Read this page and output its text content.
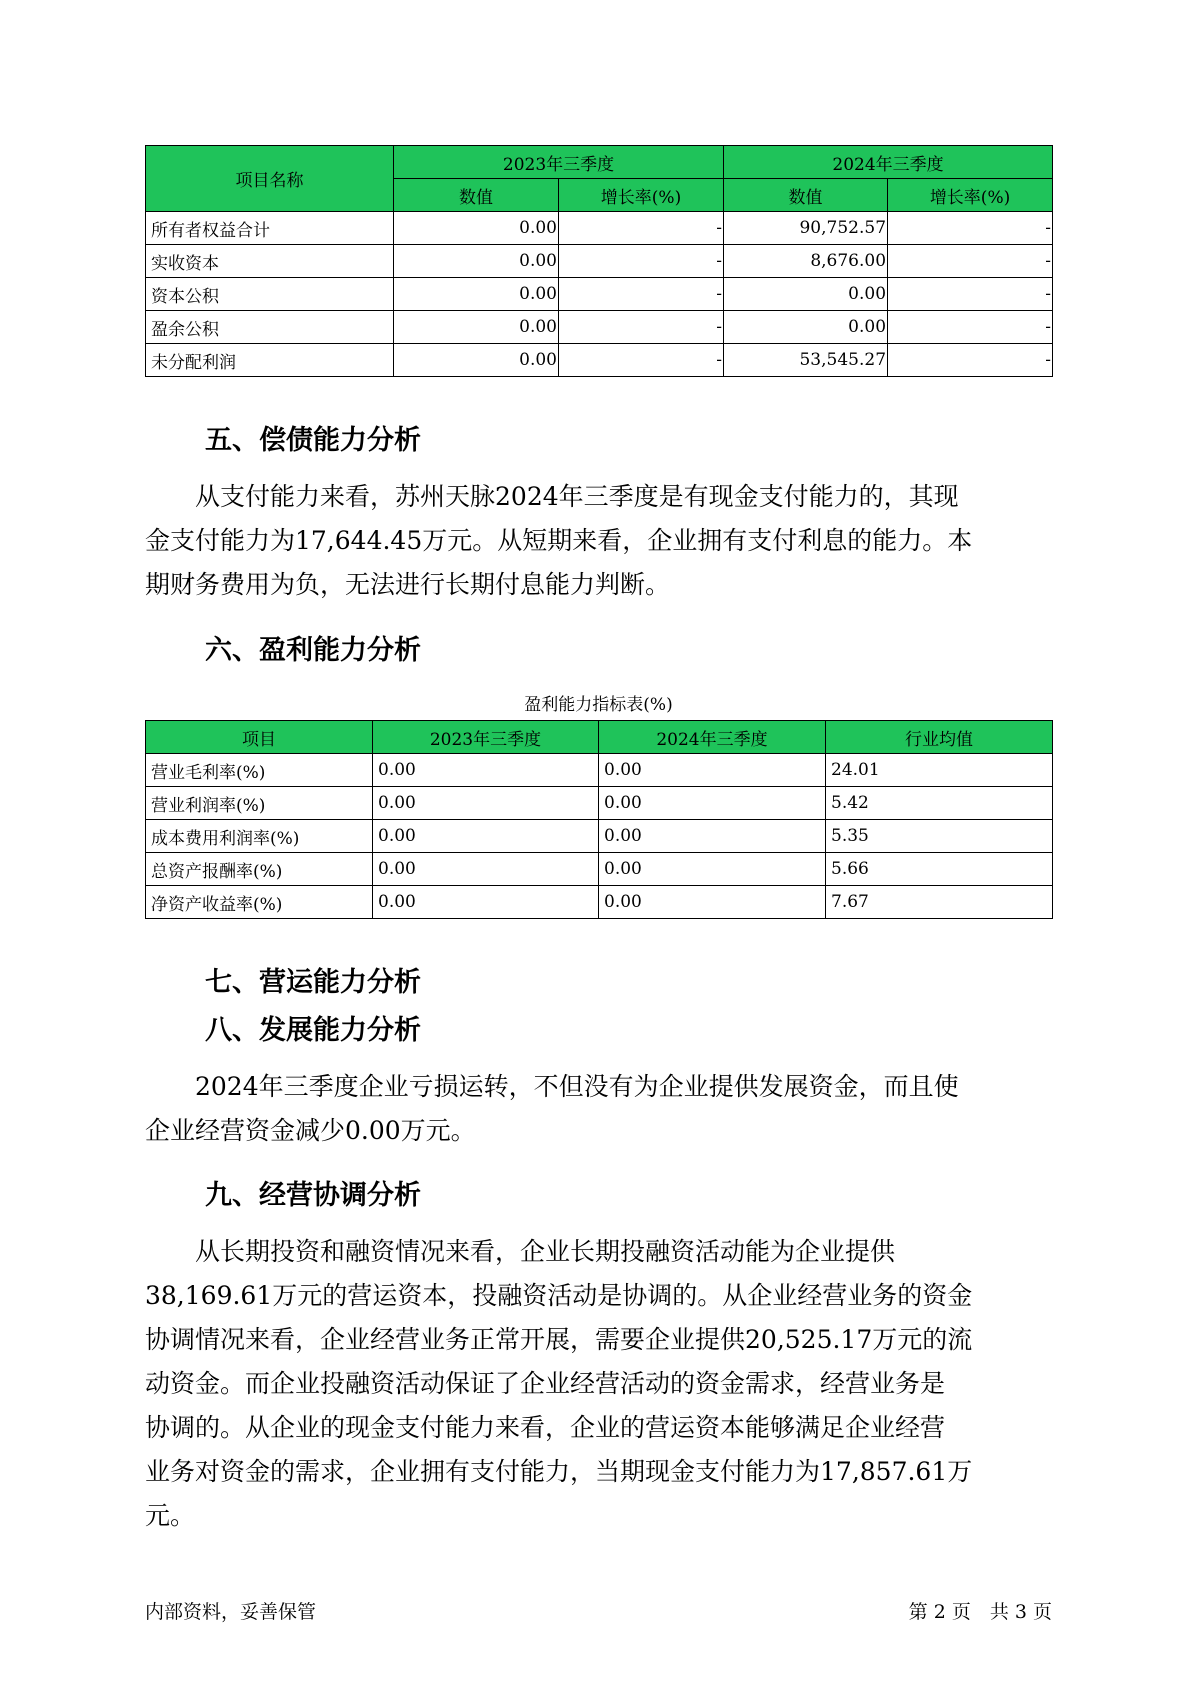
项目名称	2023年三季度		2024年三季度	
	数值	增长率(%)	数值	增长率(%)
所有者权益合计	0.00	-	90,752.57	-
实收资本	0.00	-	8,676.00	-
资本公积	0.00	-	0.00	-
盈余公积	0.00	-	0.00	-
未分配利润	0.00	-	53,545.27	-
五、偿债能力分析

　　从支付能力来看，苏州天脉2024年三季度是有现金支付能力的，其现
金支付能力为17,644.45万元。从短期来看，企业拥有支付利息的能力。本
期财务费用为负，无法进行长期付息能力判断。

六、盈利能力分析
盈利能力指标表(%)
项目	2023年三季度	2024年三季度	行业均值
营业毛利率(%)	0.00	0.00	24.01
营业利润率(%)	0.00	0.00	5.42
成本费用利润率(%)	0.00	0.00	5.35
总资产报酬率(%)	0.00	0.00	5.66
净资产收益率(%)	0.00	0.00	7.67
七、营运能力分析
八、发展能力分析

　　2024年三季度企业亏损运转，不但没有为企业提供发展资金，而且使
企业经营资金减少0.00万元。

九、经营协调分析

　　从长期投资和融资情况来看，企业长期投融资活动能为企业提供
38,169.61万元的营运资本，投融资活动是协调的。从企业经营业务的资金
协调情况来看，企业经营业务正常开展，需要企业提供20,525.17万元的流
动资金。而企业投融资活动保证了企业经营活动的资金需求，经营业务是
协调的。从企业的现金支付能力来看，企业的营运资本能够满足企业经营
业务对资金的需求，企业拥有支付能力，当期现金支付能力为17,857.61万
元。

内部资料，妥善保管	第 2 页　共 3 页
